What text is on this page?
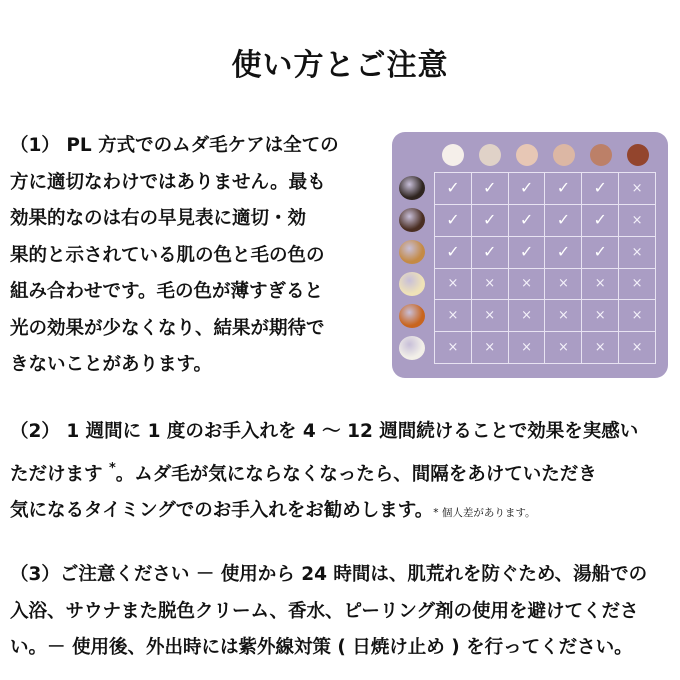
使い方とご注意
（1） PL 方式でのムダ毛ケアは全ての
方に適切なわけではありません。最も
効果的なのは右の早見表に適切・効
果的と示されている肌の色と毛の色の
組み合わせです。毛の色が薄すぎると
光の効果が少なくなり、結果が期待で
きないことがあります。
✓	✓	✓	✓	✓	×
✓	✓	✓	✓	✓	×
✓	✓	✓	✓	✓	×
×	×	×	×	×	×
×	×	×	×	×	×
×	×	×	×	×	×
（2） 1 週間に 1 度のお手入れを 4 ～ 12 週間続けることで効果を実感い
ただけます *。ムダ毛が気にならなくなったら、間隔をあけていただき
気になるタイミングでのお手入れをお勧めします。* 個人差があります。
（3）ご注意ください － 使用から 24 時間は、肌荒れを防ぐため、湯船での
入浴、サウナまた脱色クリーム、香水、ピーリング剤の使用を避けてくださ
い。－ 使用後、外出時には紫外線対策 ( 日焼け止め ) を行ってください。
